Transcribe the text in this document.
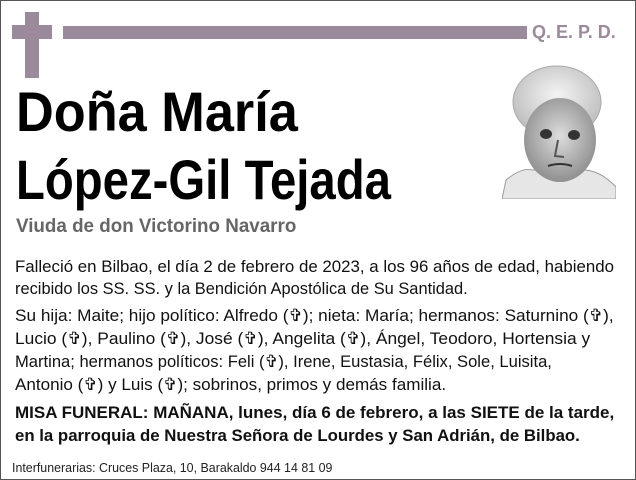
Q. E. P. D.
Doña María
López-Gil Tejada
Viuda de don Victorino Navarro
Falleció en Bilbao, el día 2 de febrero de 2023, a los 96 años de edad, habiendo
recibido los SS. SS. y la Bendición Apostólica de Su Santidad.
Su hija: Maite; hijo político: Alfredo (✞); nieta: María; hermanos: Saturnino (✞),
Lucio (✞), Paulino (✞), José (✞), Angelita (✞), Ángel, Teodoro, Hortensia y
Martina; hermanos políticos: Feli (✞), Irene, Eustasia, Félix, Sole, Luisita,
Antonio (✞) y Luis (✞); sobrinos, primos y demás familia.
MISA FUNERAL: MAÑANA, lunes, día 6 de febrero, a las SIETE de la tarde,
en la parroquia de Nuestra Señora de Lourdes y San Adrián, de Bilbao.
Interfunerarias: Cruces Plaza, 10, Barakaldo 944 14 81 09
